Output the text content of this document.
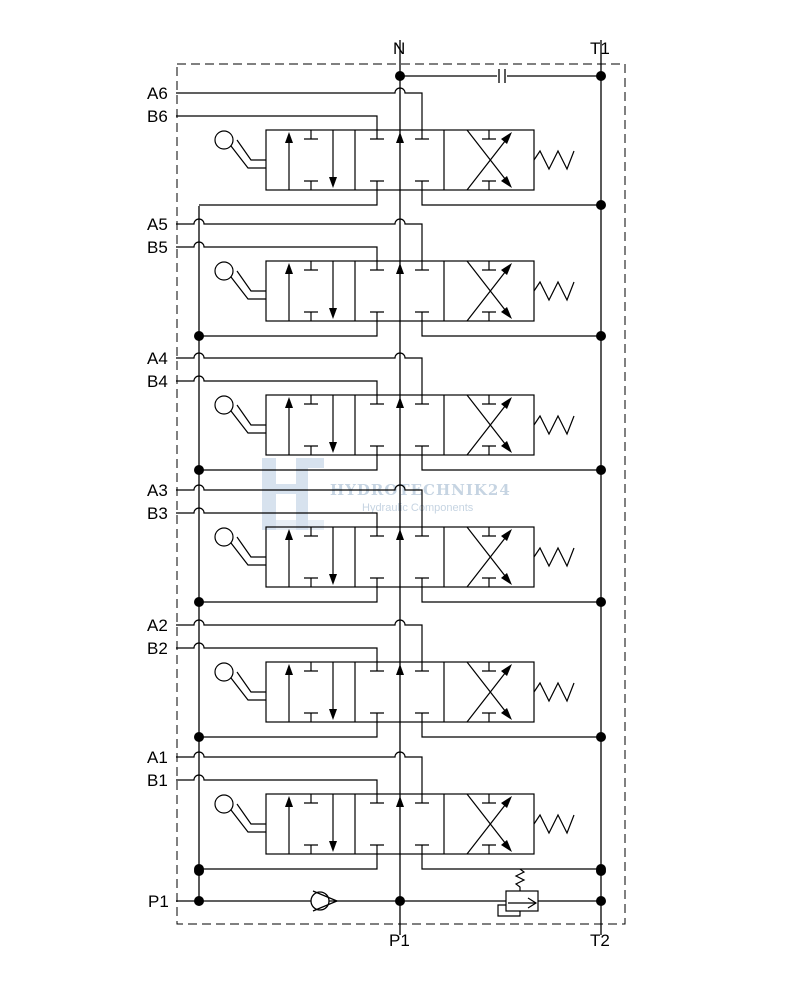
HYDROTECHNIK24
Hydraulic Components
A6
B6
A5
B5
A4
B4
A3
B3
A2
B2
A1
B1
N	T1
P1	T2
P1
